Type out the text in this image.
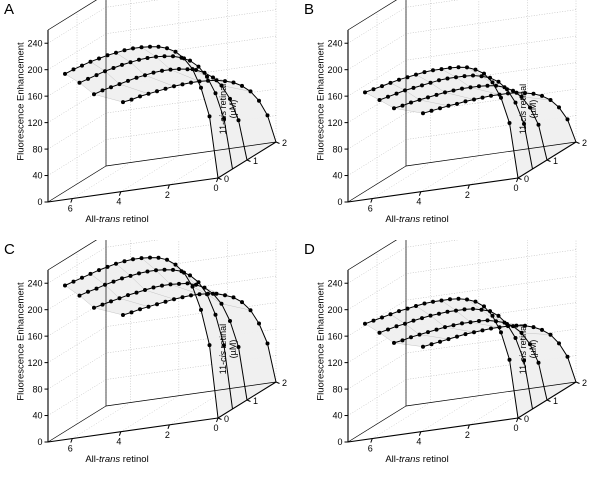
A
0
40
80
120
160
200
240
6
4
2
0
0
1
2
Fluorescence Enhancement
All-trans retinol
11-cis retinal (µM)
B
0
40
80
120
160
200
240
6
4
2
0
0
1
2
Fluorescence Enhancement
All-trans retinol
11-cis retinal (µM)
C
0
40
80
120
160
200
240
6
4
2
0
0
1
2
Fluorescence Enhancement
All-trans retinol
11-cis retinal (µM)
D
0
40
80
120
160
200
240
6
4
2
0
0
1
2
Fluorescence Enhancement
All-trans retinol
11-cis retinal (µM)
